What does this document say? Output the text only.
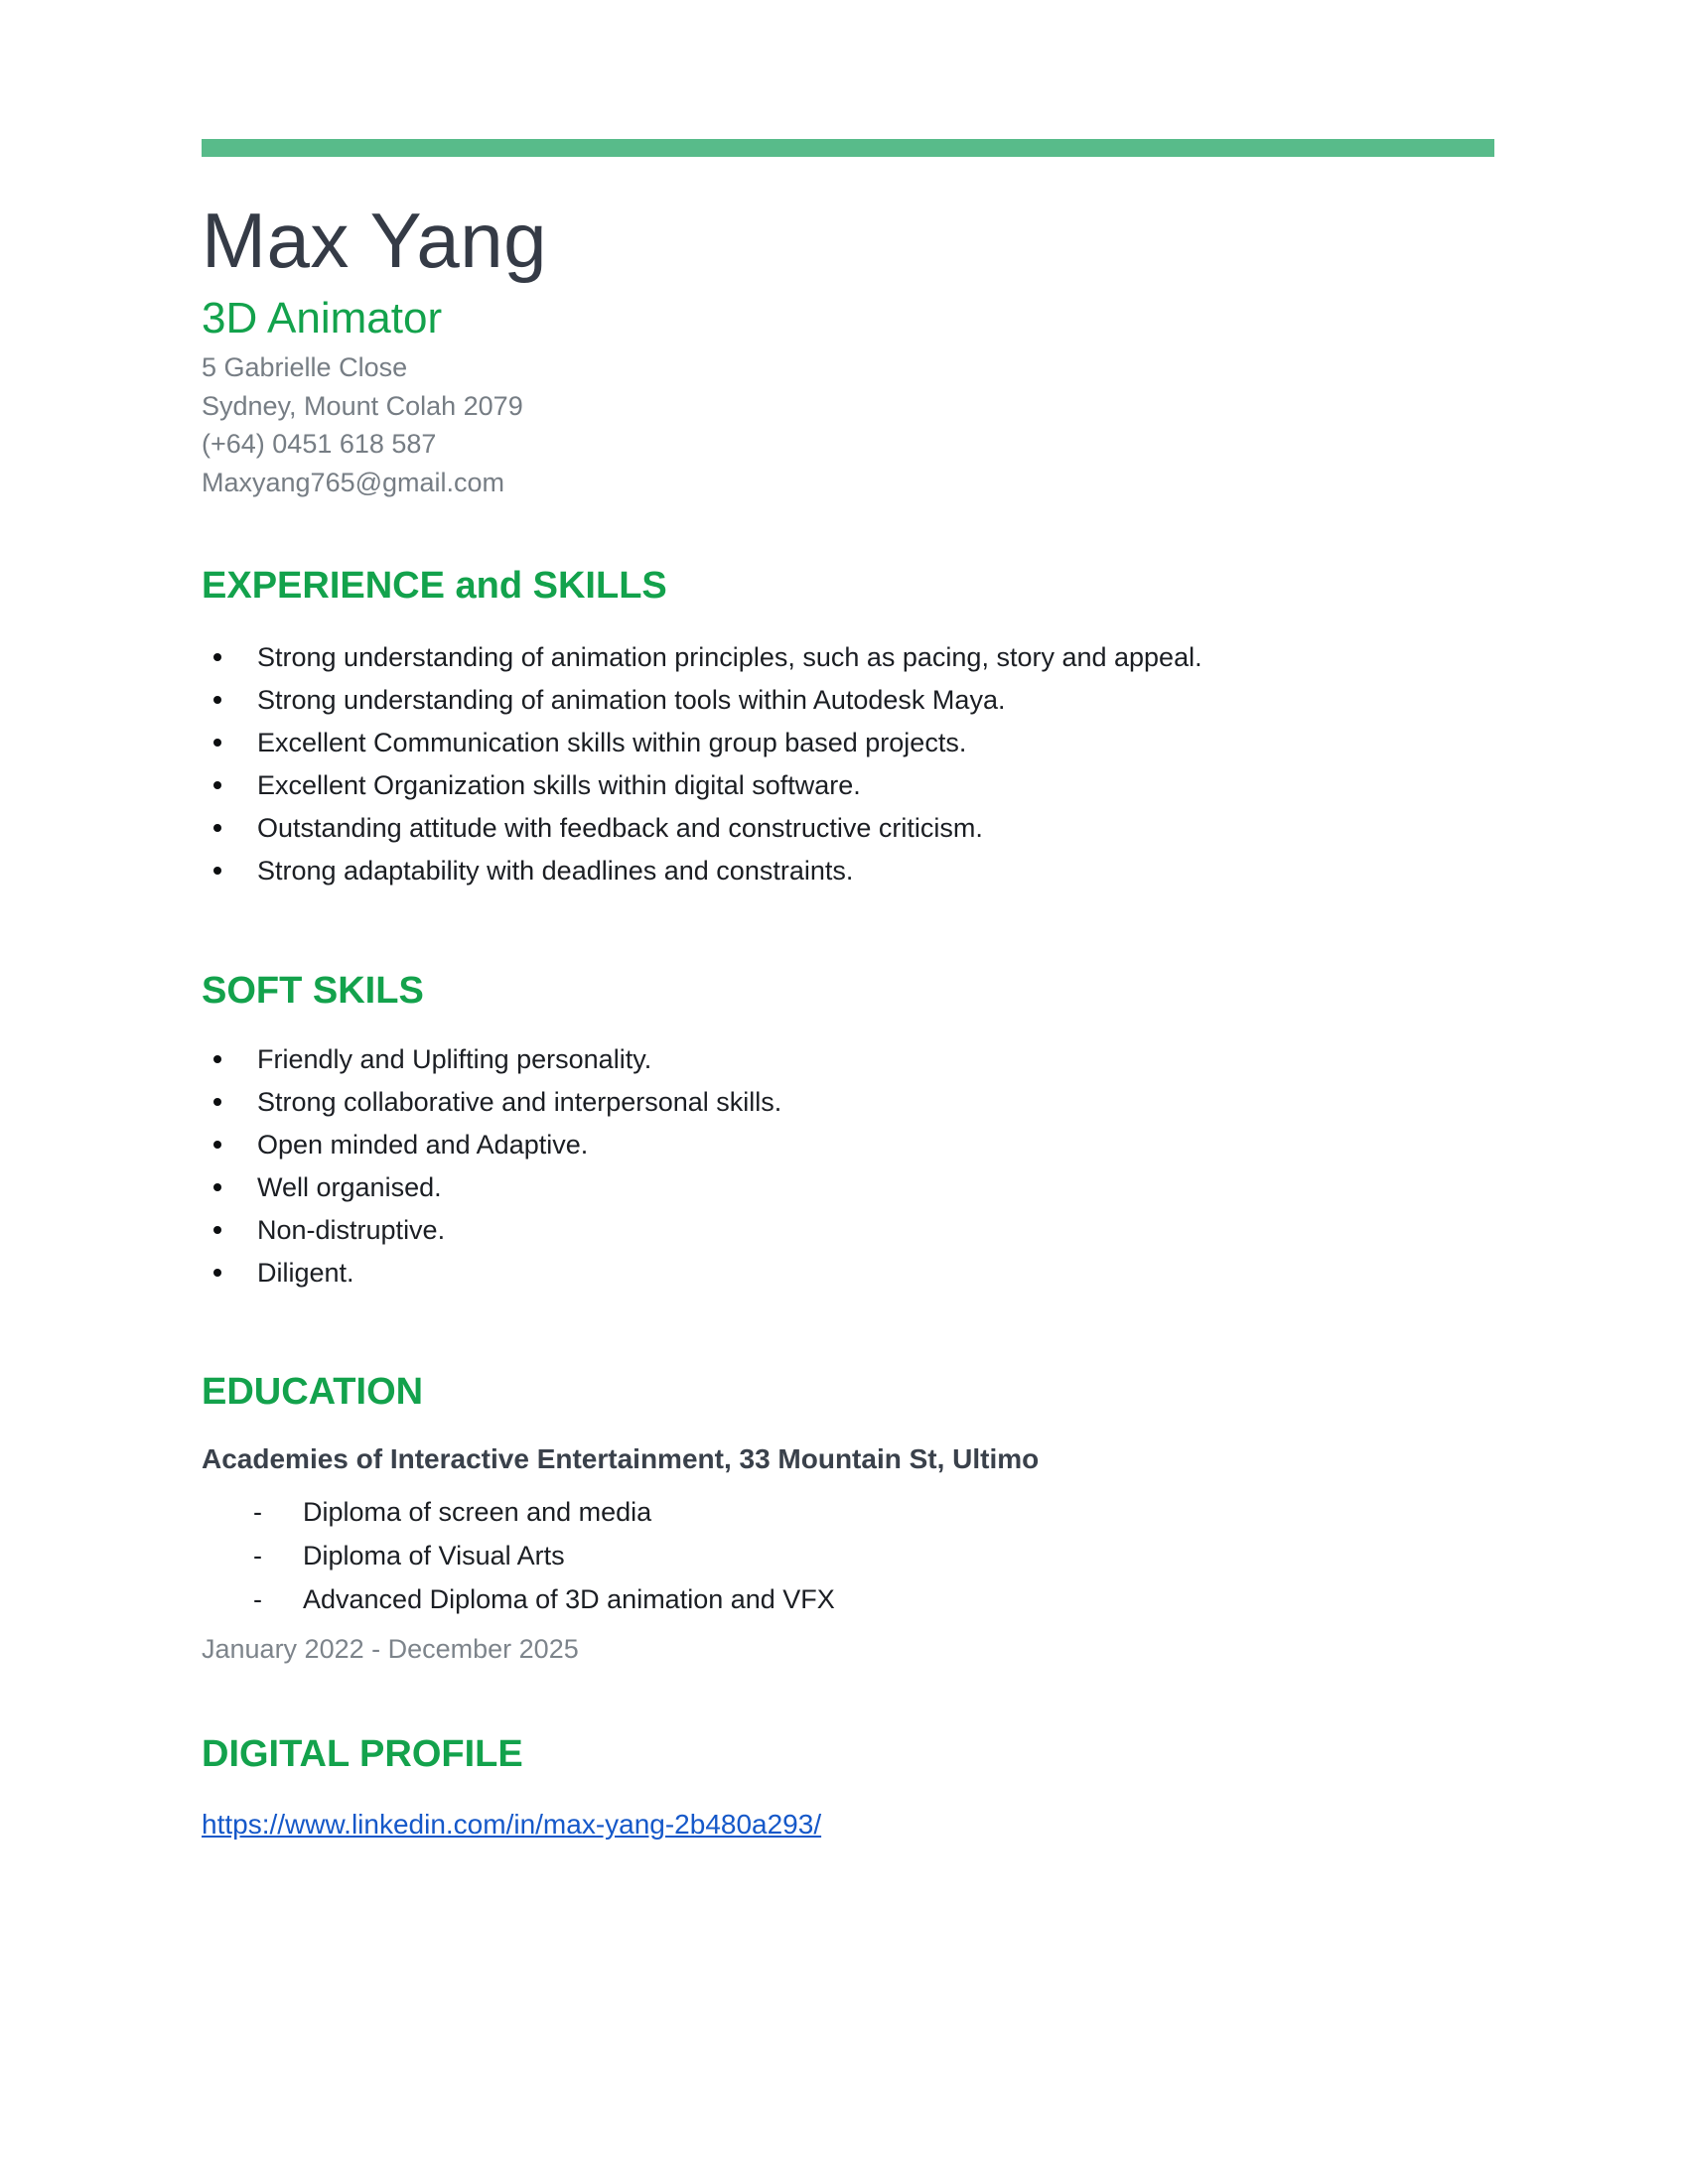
Max Yang
3D Animator
5 Gabrielle Close
Sydney, Mount Colah 2079
(+64) 0451 618 587
Maxyang765@gmail.com
EXPERIENCE and SKILLS
Strong understanding of animation principles, such as pacing, story and appeal.
Strong understanding of animation tools within Autodesk Maya.
Excellent Communication skills within group based projects.
Excellent Organization skills within digital software.
Outstanding attitude with feedback and constructive criticism.
Strong adaptability with deadlines and constraints.
SOFT SKILS
Friendly and Uplifting personality.
Strong collaborative and interpersonal skills.
Open minded and Adaptive.
Well organised.
Non-distruptive.
Diligent.
EDUCATION
Academies of Interactive Entertainment, 33 Mountain St, Ultimo
- Diploma of screen and media
- Diploma of Visual Arts
- Advanced Diploma of 3D animation and VFX
January 2022 - December 2025
DIGITAL PROFILE
https://www.linkedin.com/in/max-yang-2b480a293/
